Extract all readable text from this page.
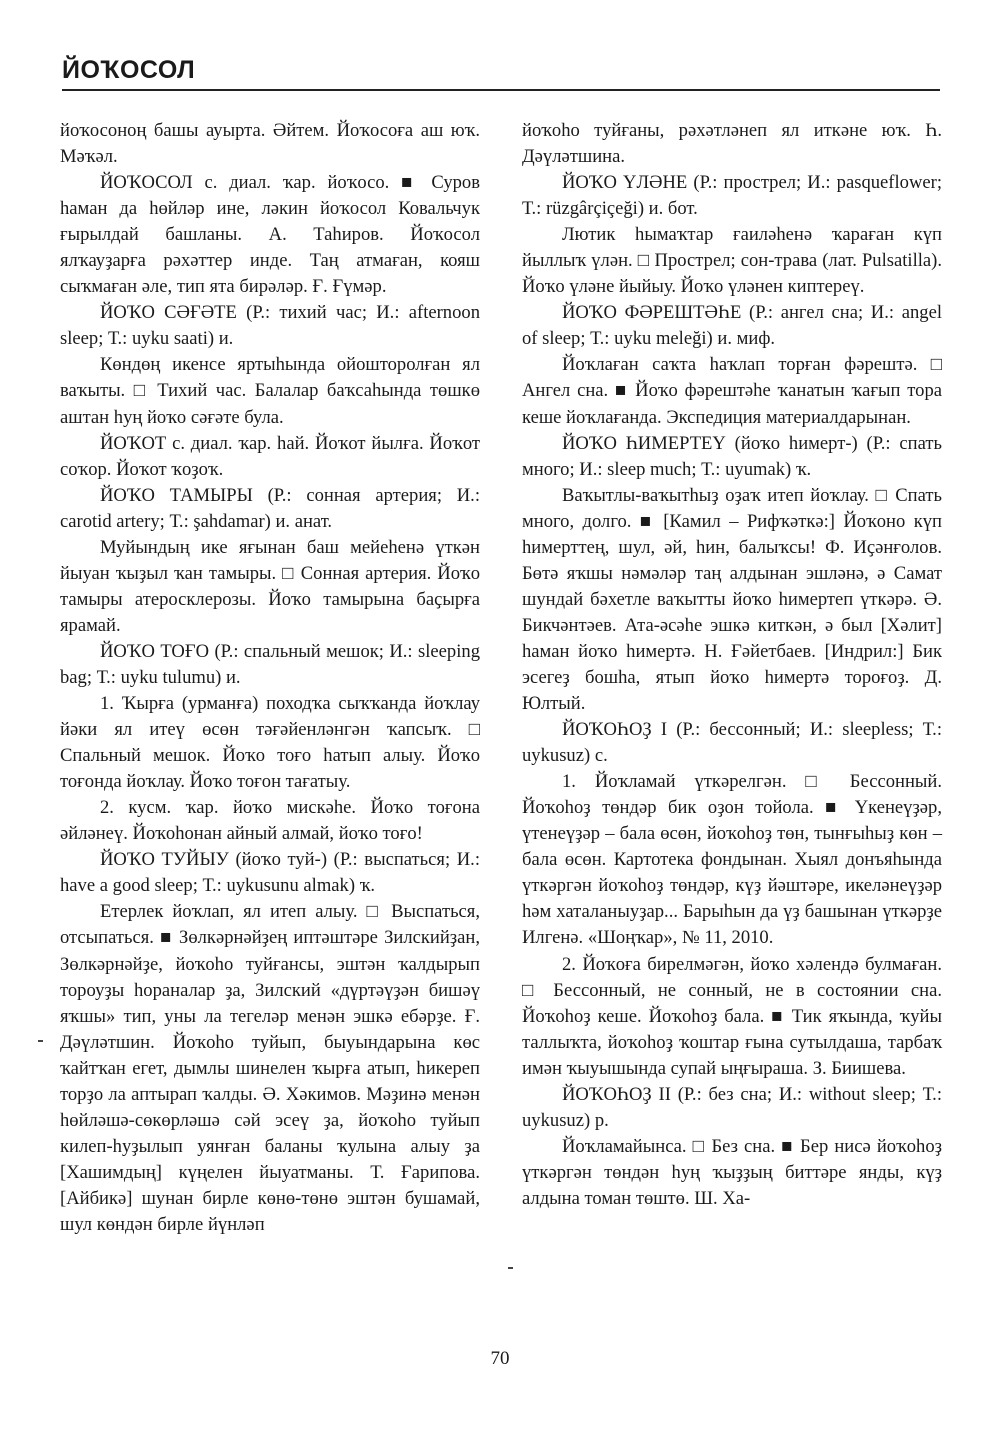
ЙОҠОСОЛ

йоҡосоноң башы ауырта. Әйтем. Йоҡосоға аш юҡ. Мәҡәл.

ЙОҠОСОЛ с. диал. ҡар. йоҡосо. ■ Суров һаман да һөйләр ине, ләкин йоҡосол Ковальчук ғырылдай башланы. А. Таһиров. Йоҡосол ялҡауҙарға рәхәттер инде. Таң атмаған, кояш сыҡмаған әле, тип ята бирәләр. Ғ. Ғүмәр.

ЙОҠО СӘҒӘТЕ (Р.: тихий час; И.: afternoon sleep; Т.: uyku saati) и.

Көндөң икенсе яртыһында ойошторолған ял ваҡыты. □ Тихий час. Балалар баҡсаһында төшкө аштан һуң йоҡо сәғәте була.

ЙОҠОТ с. диал. ҡар. һай. Йоҡот йылға. Йоҡот соҡор. Йоҡот ҡоҙоҡ.

ЙОҠО ТАМЫРЫ (Р.: сонная артерия; И.: carotid artery; Т.: şahdamar) и. анат.

Муйындың ике яғынан баш мейеһенә үткән йыуан ҡыҙыл ҡан тамыры. □ Сонная артерия. Йоҡо тамыры атеросклерозы. Йоҡо тамырына баҫырға ярамай.

ЙОҠО ТОҒО (Р.: спальный мешок; И.: sleeping bag; Т.: uyku tulumu) и.

1. Ҡырға (урманға) походҡа сыҡҡанда йоҡлау йәки ял итеү өсөн тәғәйенләнгән ҡапсыҡ. □ Спальный мешок. Йоҡо тоғо һатып алыу. Йоҡо тоғонда йоҡлау. Йоҡо тоғон тағатыу.

2. кусм. ҡар. йоҡо мискәһе. Йоҡо тоғона әйләнеү. Йоҡоһонан айный алмай, йоҡо тоғо!

ЙОҠО ТУЙЫУ (йоҡо туй-) (Р.: выспаться; И.: have a good sleep; Т.: uykusunu almak) ҡ.

Етерлек йоҡлап, ял итеп алыу. □ Выспаться, отсыпаться. ■ Зөлкәрнәйҙең иптәштәре Зилскийҙан, Зөлкәрнәйҙе, йоҡоһо туйғансы, эштән ҡалдырып тороуҙы һораналар ҙа, Зилский «дүртәүҙән бишәү яҡшы» тип, уны ла тегеләр менән эшкә ебәрҙе. Ғ. Дәүләтшин. Йоҡоһо туйып, быуындарына көс ҡайтҡан егет, дымлы шинелен ҡырға атып, һикереп торҙо ла аптырап ҡалды. Ә. Хәкимов. Мәҙинә менән һөйләшә-сөкөрләшә сәй эсеү ҙа, йоҡоһо туйып килеп-һуҙылып уянған баланы ҡулына алыу ҙа [Хашимдың] күңелен йыуатманы. Т. Ғарипова. [Айбикә] шунан бирле көнө-төнө эштән бушамай, шул көндән бирле йүнләп

йоҡоһо туйғаны, рәхәтләнеп ял иткәне юҡ. Һ. Дәүләтшина.

ЙОҠО ҮЛӘНЕ (Р.: прострел; И.: pasqueflower; Т.: rüzgârçiçeği) и. бот.

Лютик һымаҡтар ғаиләһенә ҡараған күп йыллыҡ үлән. □ Прострел; сон-трава (лат. Pulsatilla). Йоҡо үләне йыйыу. Йоҡо үләнен киптереү.

ЙОҠО ФӘРЕШТӘҺЕ (Р.: ангел сна; И.: angel of sleep; Т.: uyku meleği) и. миф.

Йоҡлаған саҡта һаҡлап торған фәрештә. □ Ангел сна. ■ Йоҡо фәрештәһе ҡанатын ҡағып тора кеше йоҡлағанда. Экспедиция материалдарынан.

ЙОҠО ҺИМЕРТЕҮ (йоҡо һимерт-) (Р.: спать много; И.: sleep much; Т.: uyumak) ҡ.

Ваҡытлы-ваҡытһыҙ оҙаҡ итеп йоҡлау. □ Спать много, долго. ■ [Камил – Рифҡәткә:] Йоҡоно күп һимерттең, шул, әй, һин, балыҡсы! Ф. Иҫәнғолов. Бөтә яҡшы нәмәләр таң алдынан эшләнә, ә Самат шундай бәхетле ваҡытты йоҡо һимертеп үткәрә. Ә. Бикчәнтәев. Ата-әсәһе эшкә киткән, ә был [Хәлит] һаман йоҡо һимертә. Н. Ғәйетбаев. [Индрил:] Бик эсегеҙ бошһа, ятып йоҡо һимертә тороғоҙ. Д. Юлтый.

ЙОҠОҺОҘ I (Р.: бессонный; И.: sleepless; Т.: uykusuz) с.

1. Йоҡламай үткәрелгән. □ Бессонный. Йоҡоһоҙ төндәр бик оҙон тойола. ■ Үкенеүҙәр, үтенеүҙәр – бала өсөн, йоҡоһоҙ төн, тынғыһыҙ көн – бала өсөн. Картотека фондынан. Хыял донъяһында үткәргән йоҡоһоҙ төндәр, күҙ йәштәре, икеләнеүҙәр һәм хаталаныуҙар... Барыһын да үҙ башынан үткәрҙе Илгенә. «Шоңҡар», № 11, 2010.

2. Йоҡоға бирелмәгән, йоҡо хәлендә булмаған. □ Бессонный, не сонный, не в состоянии сна. Йоҡоһоҙ кеше. Йоҡоһоҙ бала. ■ Тик яҡында, ҡуйы таллыҡта, йоҡоһоҙ ҡоштар ғына сутылдаша, тарбаҡ имән ҡыуышында супай ыңғыраша. З. Биишева.

ЙОҠОҺОҘ II (Р.: без сна; И.: without sleep; Т.: uykusuz) р.

Йоҡламайынса. □ Без сна. ■ Бер нисә йоҡоһоҙ үткәргән төндән һуң ҡыҙҙың биттәре янды, күҙ алдына томан төштө. Ш. Ха-

70
